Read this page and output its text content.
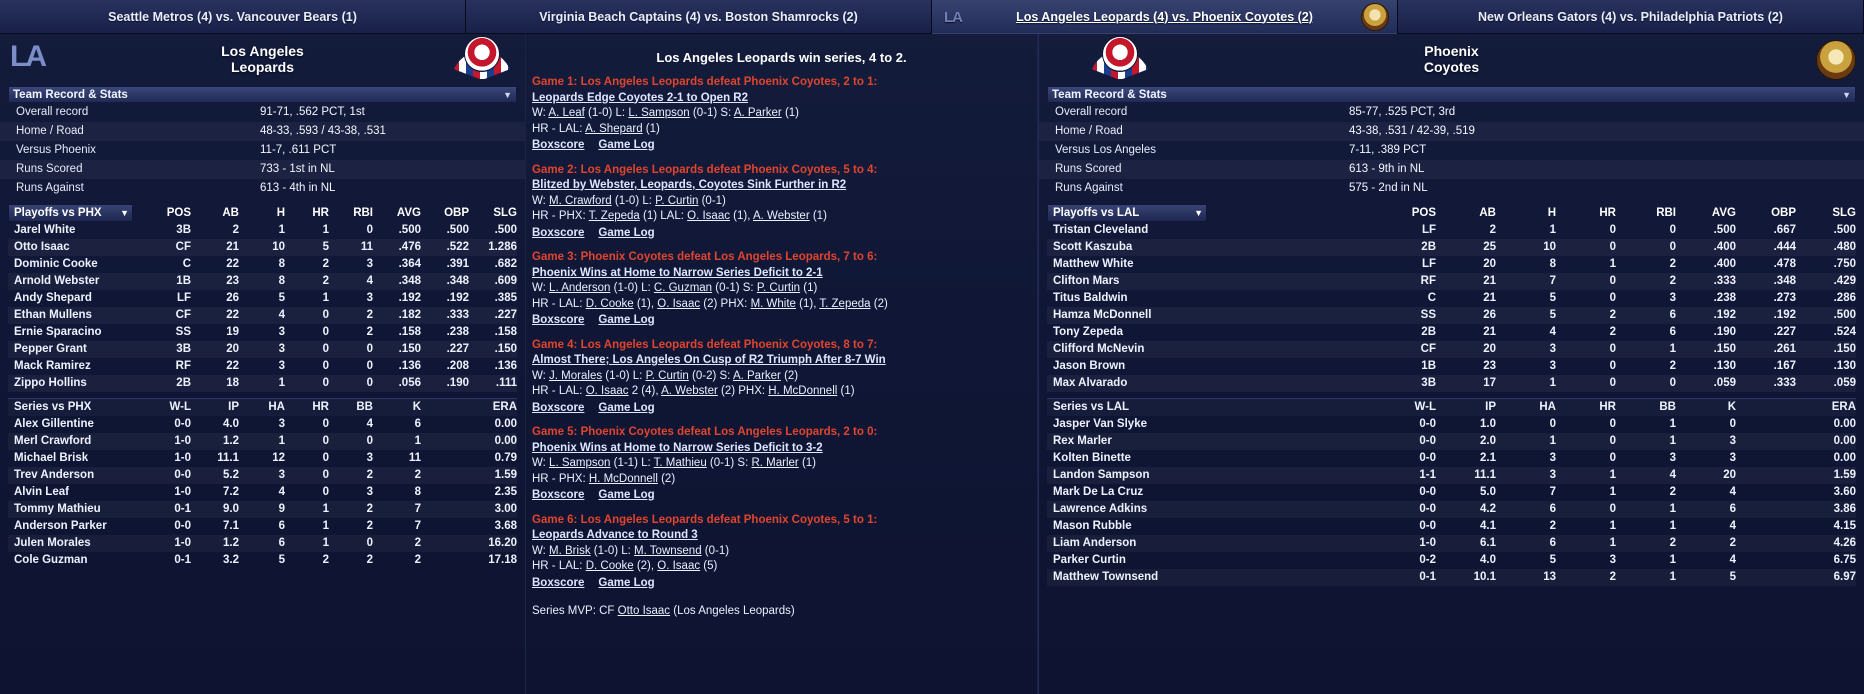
Seattle Metros (4) vs. Vancouver Bears (1)	Virginia Beach Captains (4) vs. Boston Shamrocks (2)	LA	Los Angeles Leopards (4) vs. Phoenix Coyotes (2)	New Orleans Gators (4) vs. Philadelphia Patriots (2)
LA	Los Angeles
Leopards
Team Record & Stats	▼
Overall record	91-71, .562 PCT, 1st
Home / Road	48-33, .593 / 43-38, .531
Versus Phoenix	11-7, .611 PCT
Runs Scored	733 - 1st in NL
Runs Against	613 - 4th in NL
Playoffs vs PHX ▼	POS	AB	H	HR	RBI	AVG	OBP	SLG
Jarel White	3B	2	1	1	0	.500	.500	.500
Otto Isaac	CF	21	10	5	11	.476	.522	1.286
Dominic Cooke	C	22	8	2	3	.364	.391	.682
Arnold Webster	1B	23	8	2	4	.348	.348	.609
Andy Shepard	LF	26	5	1	3	.192	.192	.385
Ethan Mullens	CF	22	4	0	2	.182	.333	.227
Ernie Sparacino	SS	19	3	0	2	.158	.238	.158
Pepper Grant	3B	20	3	0	0	.150	.227	.150
Mack Ramirez	RF	22	3	0	0	.136	.208	.136
Zippo Hollins	2B	18	1	0	0	.056	.190	.111
Series vs PHX	W-L	IP	HA	HR	BB	K	ERA
Alex Gillentine	0-0	4.0	3	0	4	6	0.00
Merl Crawford	1-0	1.2	1	0	0	1	0.00
Michael Brisk	1-0	11.1	12	0	3	11	0.79
Trev Anderson	0-0	5.2	3	0	2	2	1.59
Alvin Leaf	1-0	7.2	4	0	3	8	2.35
Tommy Mathieu	0-1	9.0	9	1	2	7	3.00
Anderson Parker	0-0	7.1	6	1	2	7	3.68
Julen Morales	1-0	1.2	6	1	0	2	16.20
Cole Guzman	0-1	3.2	5	2	2	2	17.18
Los Angeles Leopards win series, 4 to 2.
Game 1: Los Angeles Leopards defeat Phoenix Coyotes, 2 to 1:
Leopards Edge Coyotes 2-1 to Open R2
W: A. Leaf (1-0) L: L. Sampson (0-1) S: A. Parker (1)
HR - LAL: A. Shepard (1)
Boxscore Game Log
Game 2: Los Angeles Leopards defeat Phoenix Coyotes, 5 to 4:
Blitzed by Webster, Leopards, Coyotes Sink Further in R2
W: M. Crawford (1-0) L: P. Curtin (0-1)
HR - PHX: T. Zepeda (1) LAL: O. Isaac (1), A. Webster (1)
Boxscore Game Log
Game 3: Phoenix Coyotes defeat Los Angeles Leopards, 7 to 6:
Phoenix Wins at Home to Narrow Series Deficit to 2-1
W: L. Anderson (1-0) L: C. Guzman (0-1) S: P. Curtin (1)
HR - LAL: D. Cooke (1), O. Isaac (2) PHX: M. White (1), T. Zepeda (2)
Boxscore Game Log
Game 4: Los Angeles Leopards defeat Phoenix Coyotes, 8 to 7:
Almost There; Los Angeles On Cusp of R2 Triumph After 8-7 Win
W: J. Morales (1-0) L: P. Curtin (0-2) S: A. Parker (2)
HR - LAL: O. Isaac 2 (4), A. Webster (2) PHX: H. McDonnell (1)
Boxscore Game Log
Game 5: Phoenix Coyotes defeat Los Angeles Leopards, 2 to 0:
Phoenix Wins at Home to Narrow Series Deficit to 3-2
W: L. Sampson (1-1) L: T. Mathieu (0-1) S: R. Marler (1)
HR - PHX: H. McDonnell (2)
Boxscore Game Log
Game 6: Los Angeles Leopards defeat Phoenix Coyotes, 5 to 1:
Leopards Advance to Round 3
W: M. Brisk (1-0) L: M. Townsend (0-1)
HR - LAL: D. Cooke (2), O. Isaac (5)
Boxscore Game Log
Series MVP: CF Otto Isaac (Los Angeles Leopards)
Phoenix
Coyotes
Team Record & Stats	▼
Overall record	85-77, .525 PCT, 3rd
Home / Road	43-38, .531 / 42-39, .519
Versus Los Angeles	7-11, .389 PCT
Runs Scored	613 - 9th in NL
Runs Against	575 - 2nd in NL
Playoffs vs LAL	▼	POS	AB	H	HR	RBI	AVG	OBP	SLG
Tristan Cleveland	LF	2	1	0	0	.500	.667	.500
Scott Kaszuba	2B	25	10	0	0	.400	.444	.480
Matthew White	LF	20	8	1	2	.400	.478	.750
Clifton Mars	RF	21	7	0	2	.333	.348	.429
Titus Baldwin	C	21	5	0	3	.238	.273	.286
Hamza McDonnell	SS	26	5	2	6	.192	.192	.500
Tony Zepeda	2B	21	4	2	6	.190	.227	.524
Clifford McNevin	CF	20	3	0	1	.150	.261	.150
Jason Brown	1B	23	3	0	2	.130	.167	.130
Max Alvarado	3B	17	1	0	0	.059	.333	.059
Series vs LAL	W-L	IP	HA	HR	BB	K	ERA
Jasper Van Slyke	0-0	1.0	0	0	1	0	0.00
Rex Marler	0-0	2.0	1	0	1	3	0.00
Kolten Binette	0-0	2.1	3	0	3	3	0.00
Landon Sampson	1-1	11.1	3	1	4	20	1.59
Mark De La Cruz	0-0	5.0	7	1	2	4	3.60
Lawrence Adkins	0-0	4.2	6	0	1	6	3.86
Mason Rubble	0-0	4.1	2	1	1	4	4.15
Liam Anderson	1-0	6.1	6	1	2	2	4.26
Parker Curtin	0-2	4.0	5	3	1	4	6.75
Matthew Townsend	0-1	10.1	13	2	1	5	6.97
